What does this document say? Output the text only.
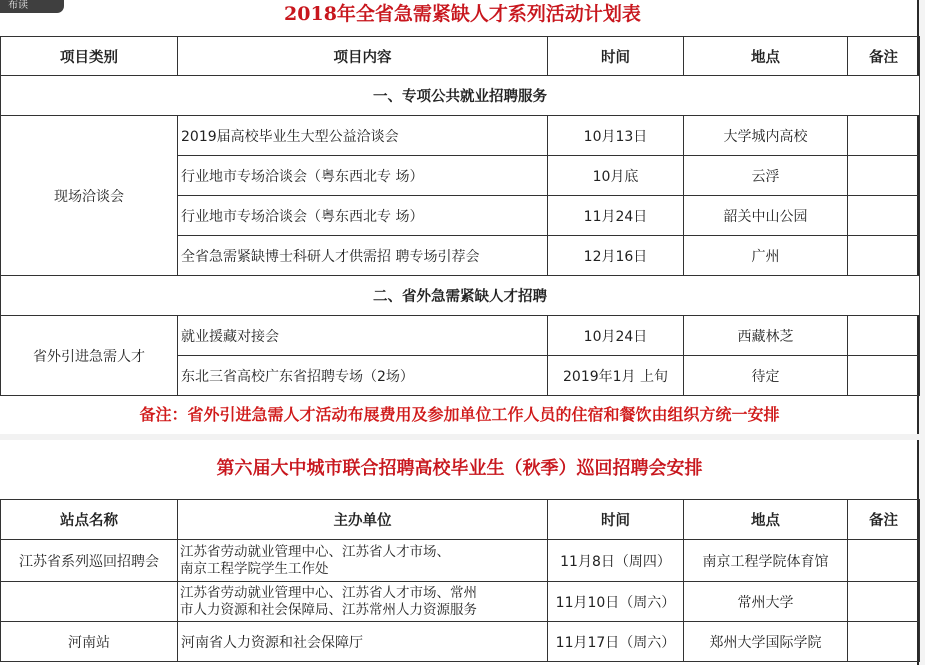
布读	2018年全省急需紧缺人才系列活动计划表
项目类别	项目内容	时间	地点	备注
一、专项公共就业招聘服务				
现场洽谈会	2019届高校毕业生大型公益洽谈会	10月13日	大学城内高校	
	行业地市专场洽谈会（粤东西北专 场）	10月底	云浮	
	行业地市专场洽谈会（粤东西北专 场）	11月24日	韶关中山公园	
	全省急需紧缺博士科研人才供需招 聘专场引荐会	12月16日	广州	
二、省外急需紧缺人才招聘				
省外引进急需人才	就业援藏对接会	10月24日	西藏林芝	
	东北三省高校广东省招聘专场（2场）	2019年1月 上旬	待定	
备注：省外引进急需人才活动布展费用及参加单位工作人员的住宿和餐饮由组织方统一安排
第六届大中城市联合招聘高校毕业生（秋季）巡回招聘会安排
站点名称	主办单位	时间	地点	备注
江苏省系列巡回招聘会	江苏省劳动就业管理中心、江苏省人才市场、
南京工程学院学生工作处	11月8日（周四）	南京工程学院体育馆	

	江苏省劳动就业管理中心、江苏省人才市场、常州
市人力资源和社会保障局、江苏常州人力资源服务	11月10日（周六）	常州大学	
河南站	河南省人力资源和社会保障厅	11月17日（周六）	郑州大学国际学院	
